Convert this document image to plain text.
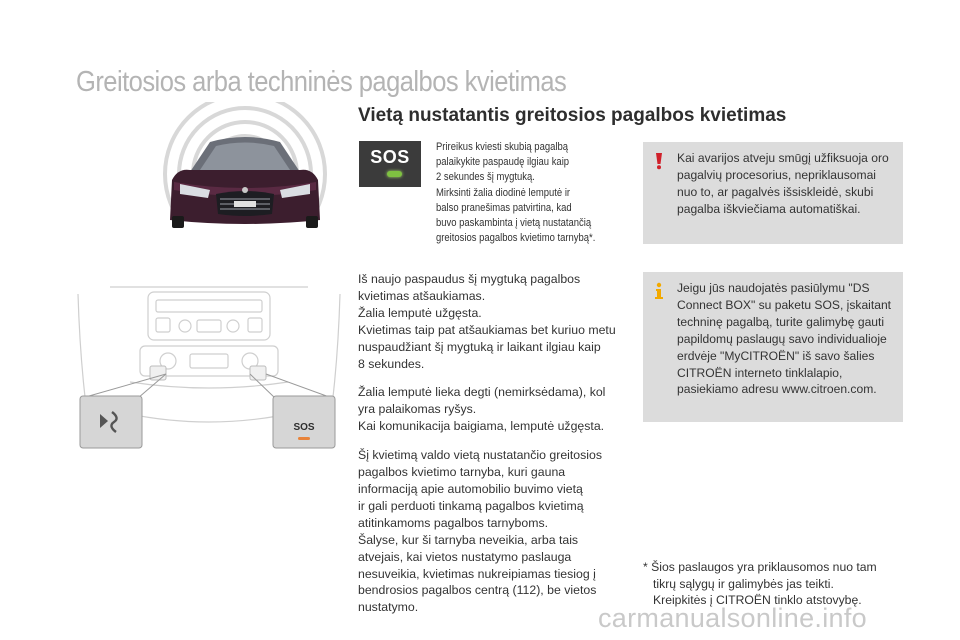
Greitosios arba techninės pagalbos kvietimas
Vietą nustatantis greitosios pagalbos kvietimas
SOS	Prireikus kviesti skubią pagalbą
palaikykite paspaudę ilgiau kaip
2 sekundes šį mygtuką.
Mirksinti žalia diodinė lemputė ir
balso pranešimas patvirtina, kad
buvo paskambinta į vietą nustatančią
greitosios pagalbos kvietimo tarnybą*.

Iš naujo paspaudus šį mygtuką pagalbos
kvietimas atšaukiamas.
Žalia lemputė užgęsta.
Kvietimas taip pat atšaukiamas bet kuriuo metu
nuspaudžiant šį mygtuką ir laikant ilgiau kaip
8 sekundes.

Žalia lemputė lieka degti (nemirksėdama), kol
yra palaikomas ryšys.
Kai komunikacija baigiama, lemputė užgęsta.

Šį kvietimą valdo vietą nustatančio greitosios
pagalbos kvietimo tarnyba, kuri gauna
informaciją apie automobilio buvimo vietą
ir gali perduoti tinkamą pagalbos kvietimą
atitinkamoms pagalbos tarnyboms.
Šalyse, kur ši tarnyba neveikia, arba tais
atvejais, kai vietos nustatymo paslauga
nesuveikia, kvietimas nukreipiamas tiesiog į
bendrosios pagalbos centrą (112), be vietos
nustatymo.

Kai avarijos atveju smūgį užfiksuoja oro
pagalvių procesorius, nepriklausomai
nuo to, ar pagalvės išsiskleidė, skubi
pagalba iškviečiama automatiškai.
Jeigu jūs naudojatės pasiūlymu "DS
Connect BOX" su paketu SOS, įskaitant
techninę pagalbą, turite galimybę gauti
papildomų paslaugų savo individualioje
erdvėje "MyCITROËN" iš savo šalies
CITROËN interneto tinklalapio,
pasiekiamo adresu www.citroen.com.
SOS
* Šios paslaugos yra priklausomos nuo tam
tikrų sąlygų ir galimybės jas teikti.
Kreipkitės į CITROËN tinklo atstovybę.
carmanualsonline.info
